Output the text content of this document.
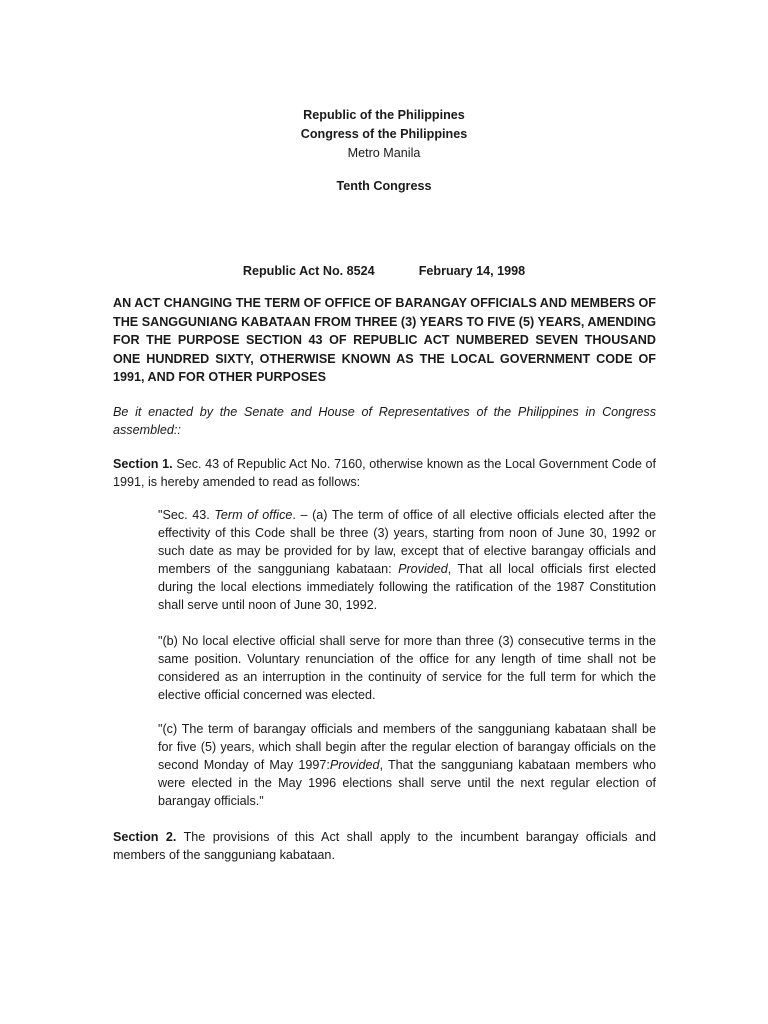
Republic of the Philippines
Congress of the Philippines
Metro Manila
Tenth Congress
Republic Act No. 8524	February 14, 1998
AN ACT CHANGING THE TERM OF OFFICE OF BARANGAY OFFICIALS AND MEMBERS OF THE SANGGUNIANG KABATAAN FROM THREE (3) YEARS TO FIVE (5) YEARS, AMENDING FOR THE PURPOSE SECTION 43 OF REPUBLIC ACT NUMBERED SEVEN THOUSAND ONE HUNDRED SIXTY, OTHERWISE KNOWN AS THE LOCAL GOVERNMENT CODE OF 1991, AND FOR OTHER PURPOSES
Be it enacted by the Senate and House of Representatives of the Philippines in Congress assembled::
Section 1. Sec. 43 of Republic Act No. 7160, otherwise known as the Local Government Code of 1991, is hereby amended to read as follows:
"Sec. 43. Term of office. – (a) The term of office of all elective officials elected after the effectivity of this Code shall be three (3) years, starting from noon of June 30, 1992 or such date as may be provided for by law, except that of elective barangay officials and members of the sangguniang kabataan: Provided, That all local officials first elected during the local elections immediately following the ratification of the 1987 Constitution shall serve until noon of June 30, 1992.
"(b) No local elective official shall serve for more than three (3) consecutive terms in the same position. Voluntary renunciation of the office for any length of time shall not be considered as an interruption in the continuity of service for the full term for which the elective official concerned was elected.
"(c) The term of barangay officials and members of the sangguniang kabataan shall be for five (5) years, which shall begin after the regular election of barangay officials on the second Monday of May 1997:Provided, That the sangguniang kabataan members who were elected in the May 1996 elections shall serve until the next regular election of barangay officials."
Section 2. The provisions of this Act shall apply to the incumbent barangay officials and members of the sangguniang kabataan.
